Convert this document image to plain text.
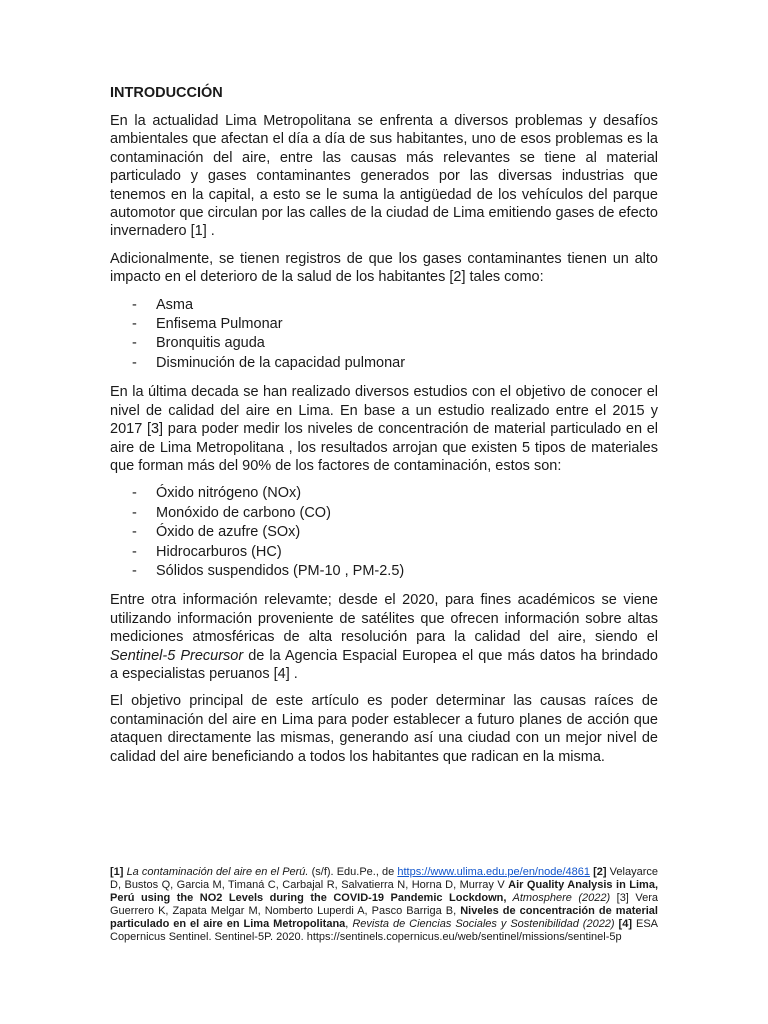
INTRODUCCIÓN

En la actualidad Lima Metropolitana se enfrenta a diversos problemas y desafíos ambientales que afectan el día a día de sus habitantes, uno de esos problemas es la contaminación del aire, entre las causas más relevantes se tiene al material particulado y gases contaminantes generados por las diversas industrias que tenemos en la capital, a esto se le suma la antigüedad de los vehículos del parque automotor que circulan por las calles de la ciudad de Lima emitiendo gases de efecto invernadero [1] .

Adicionalmente, se tienen registros de que los gases contaminantes tienen un alto impacto en el deterioro de la salud de los habitantes [2] tales como:

- Asma
- Enfisema Pulmonar
- Bronquitis aguda
- Disminución de la capacidad pulmonar

En la última decada se han realizado diversos estudios con el objetivo de conocer el nivel de calidad del aire en Lima. En base a un estudio realizado entre el 2015 y 2017 [3] para poder medir los niveles de concentración de material particulado en el aire de Lima Metropolitana , los resultados arrojan que existen 5 tipos de materiales que forman más del 90% de los factores de contaminación, estos son:

- Óxido nitrógeno (NOx)
- Monóxido de carbono (CO)
- Óxido de azufre (SOx)
- Hidrocarburos (HC)
- Sólidos suspendidos (PM-10 , PM-2.5)

Entre otra información relevamte; desde el 2020, para fines académicos se viene utilizando información proveniente de satélites que ofrecen información sobre altas mediciones atmosféricas de alta resolución para la calidad del aire, siendo el Sentinel-5 Precursor de la Agencia Espacial Europea el que más datos ha brindado a especialistas peruanos [4] .

El objetivo principal de este artículo es poder determinar las causas raíces de contaminación del aire en Lima para poder establecer a futuro planes de acción que ataquen directamente las mismas, generando así una ciudad con un mejor nivel de calidad del aire beneficiando a todos los habitantes que radican en la misma.

[1] La contaminación del aire en el Perú. (s/f). Edu.Pe., de https://www.ulima.edu.pe/en/node/4861 [2] Velayarce D, Bustos Q, Garcia M, Timaná C, Carbajal R, Salvatierra N, Horna D, Murray V Air Quality Analysis in Lima, Perú using the NO2 Levels during the COVID-19 Pandemic Lockdown, Atmosphere (2022) [3] Vera Guerrero K, Zapata Melgar M, Nomberto Luperdi A, Pasco Barriga B, Niveles de concentración de material particulado en el aire en Lima Metropolitana, Revista de Ciencias Sociales y Sostenibilidad (2022) [4] ESA Copernicus Sentinel. Sentinel-5P. 2020. https://sentinels.copernicus.eu/web/sentinel/missions/sentinel-5p
